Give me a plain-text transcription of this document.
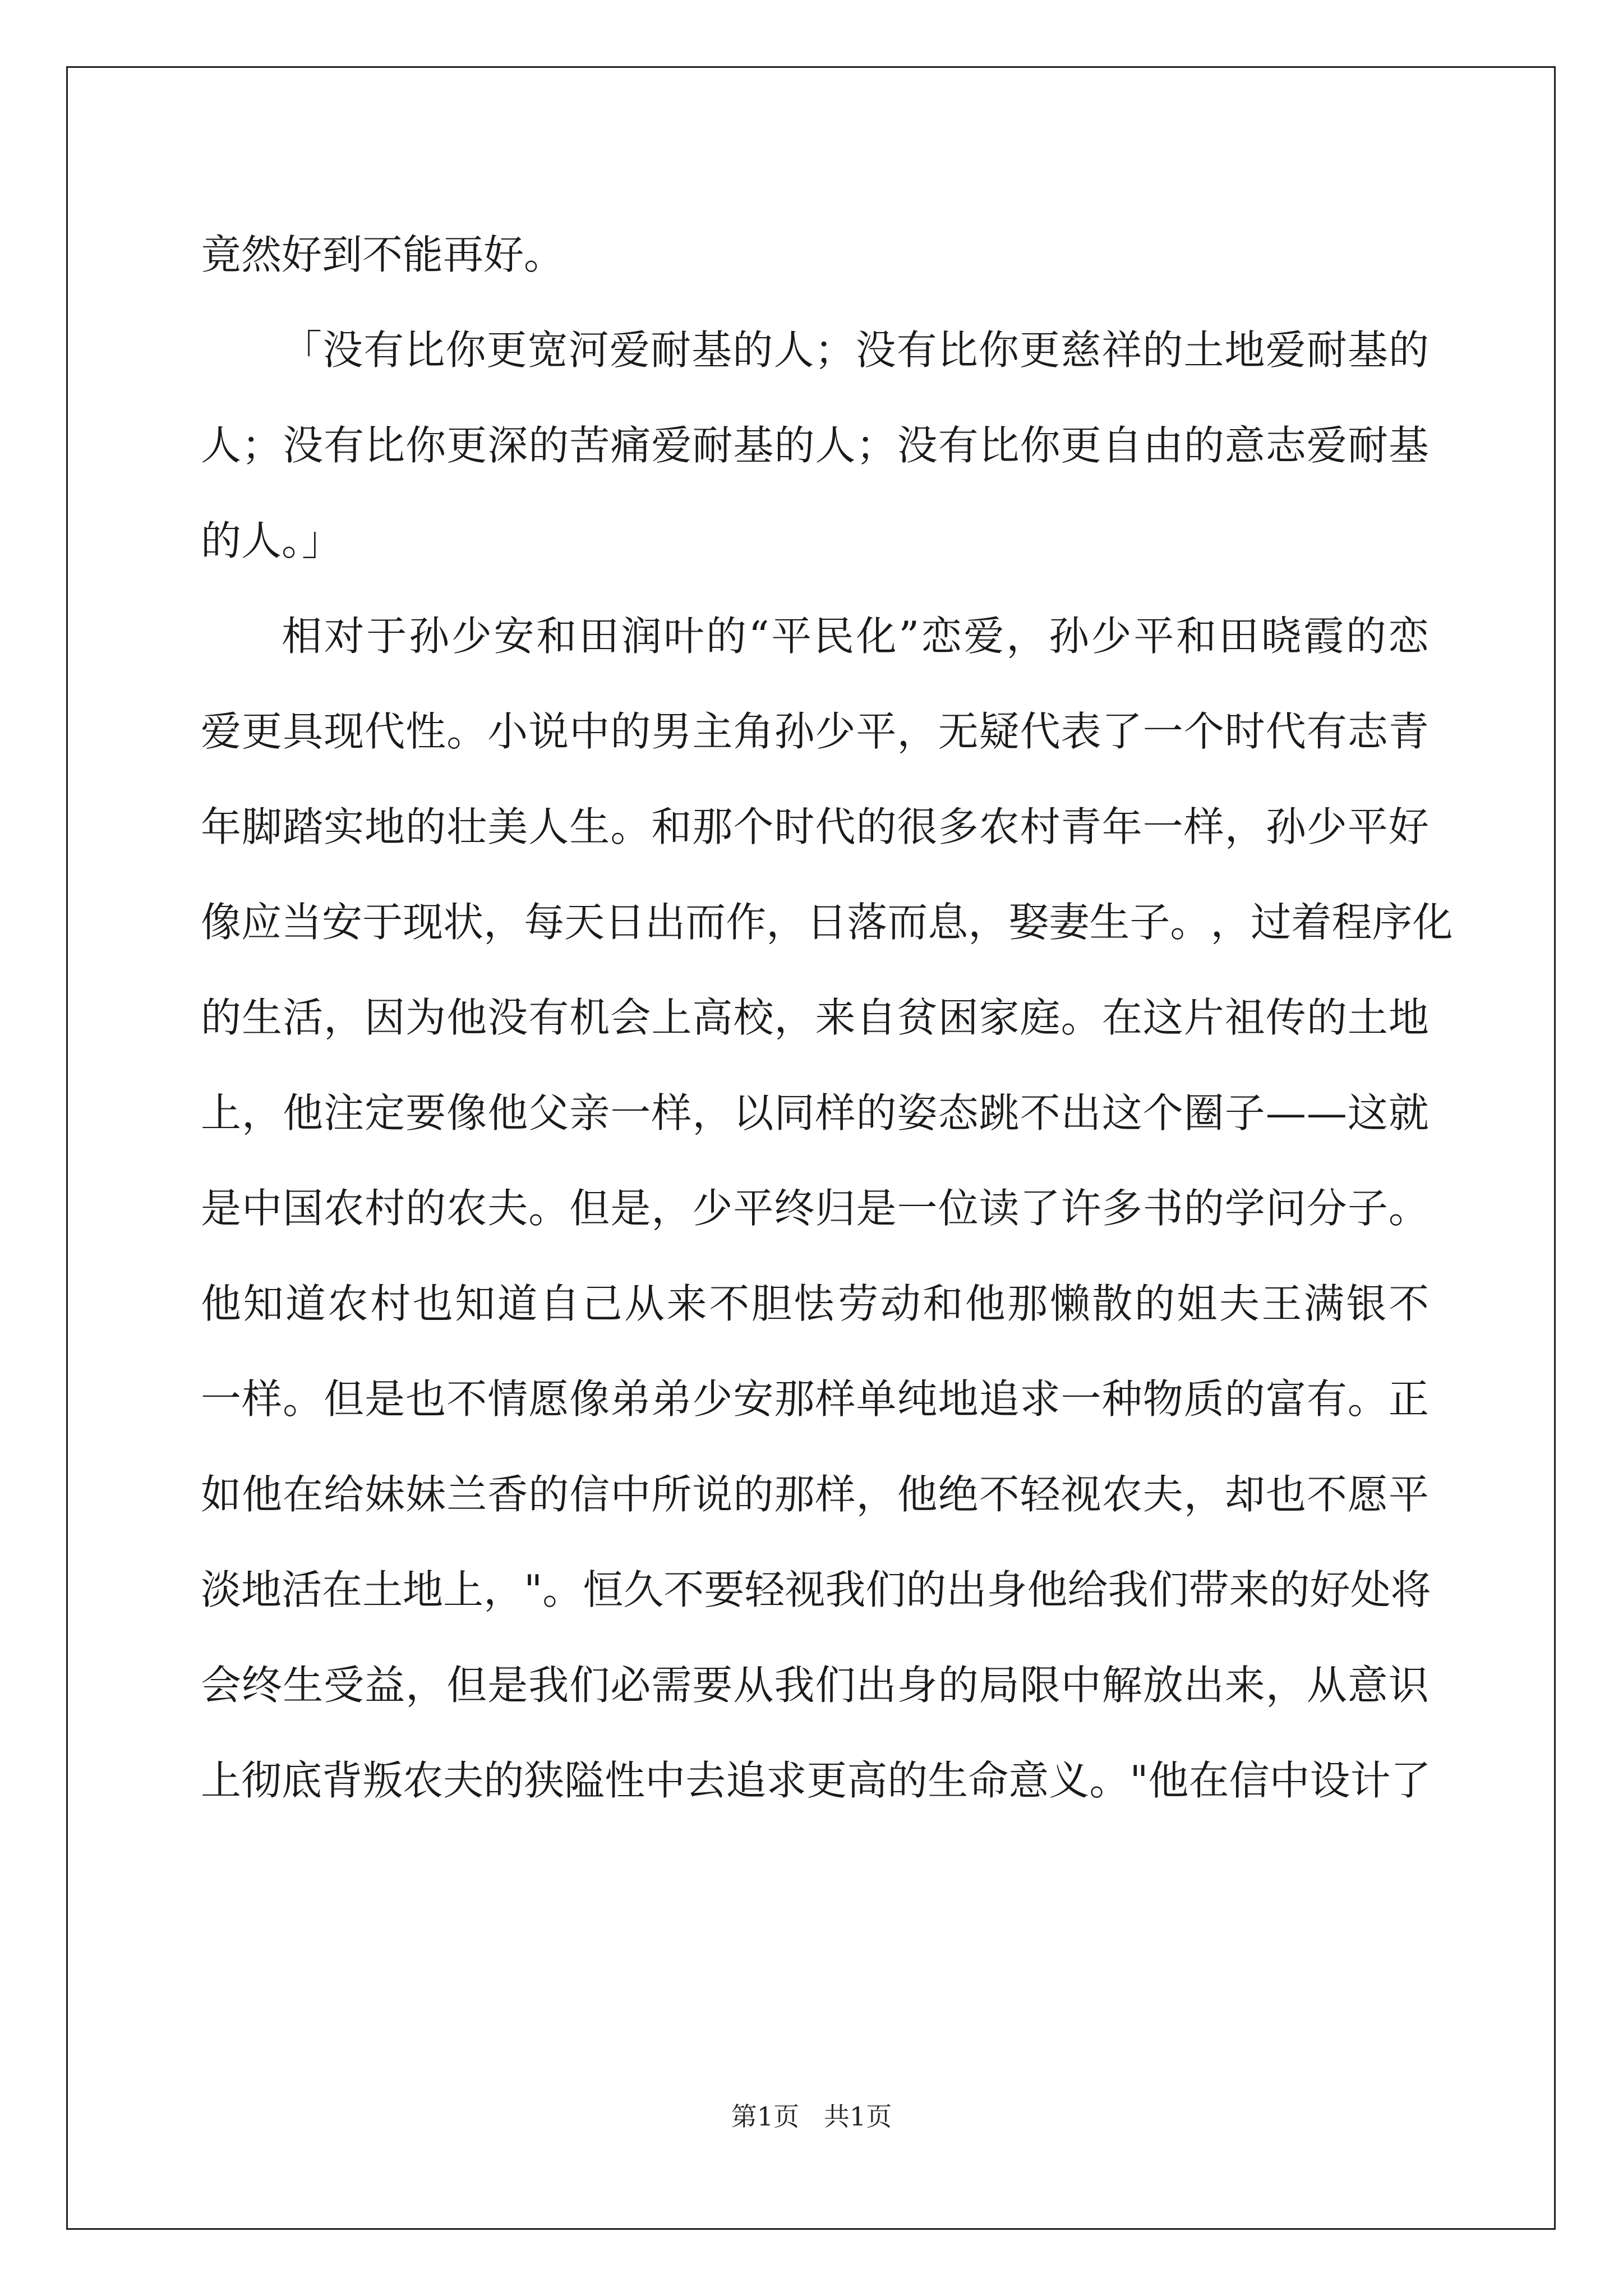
竟然好到不能再好。
「 没 有 比 你 更 宽 河 爱 耐 基 的 人 ； 没 有 比 你 更 慈 祥 的 土 地 爱 耐 基 的
人 ； 没 有 比 你 更 深 的 苦 痛 爱 耐 基 的 人 ； 没 有 比 你 更 自 由 的 意 志 爱 耐 基
的人。」
相 对 于 孙 少 安 和 田 润 叶 的 “ 平 民 化 ” 恋 爱 ， 孙 少 平 和 田 晓 霞 的 恋
爱 更 具 现 代 性 。 小 说 中 的 男 主 角 孙 少 平 ， 无 疑 代 表 了 一 个 时 代 有 志 青
年 脚 踏 实 地 的 壮 美 人 生 。 和 那 个 时 代 的 很 多 农 村 青 年 一 样 ， 孙 少 平 好
像 应 当 安 于 现 状 ， 每 天 日 出 而 作 ， 日 落 而 息 ， 娶 妻 生 子 。 ， 过 着 程 序 化
的 生 活 ， 因 为 他 没 有 机 会 上 高 校 ， 来 自 贫 困 家 庭 。 在 这 片 祖 传 的 土 地
上 ， 他 注 定 要 像 他 父 亲 一 样 ， 以 同 样 的 姿 态 跳 不 出 这 个 圈 子 — — 这 就
是 中 国 农 村 的 农 夫 。 但 是 ， 少 平 终 归 是 一 位 读 了 许 多 书 的 学 问 分 子 。
他 知 道 农 村 也 知 道 自 己 从 来 不 胆 怯 劳 动 和 他 那 懒 散 的 姐 夫 王 满 银 不
一 样 。 但 是 也 不 情 愿 像 弟 弟 少 安 那 样 单 纯 地 追 求 一 种 物 质 的 富 有 。 正
如 他 在 给 妹 妹 兰 香 的 信 中 所 说 的 那 样 ， 他 绝 不 轻 视 农 夫 ， 却 也 不 愿 平
淡 地 活 在 土 地 上 ， " 。 恒 久 不 要 轻 视 我 们 的 出 身 他 给 我 们 带 来 的 好 处 将
会 终 生 受 益 ， 但 是 我 们 必 需 要 从 我 们 出 身 的 局 限 中 解 放 出 来 ， 从 意 识
上 彻 底 背 叛 农 夫 的 狭 隘 性 中 去 追 求 更 高 的 生 命 意 义 。 " 他 在 信 中 设 计 了
第1页   共1页
